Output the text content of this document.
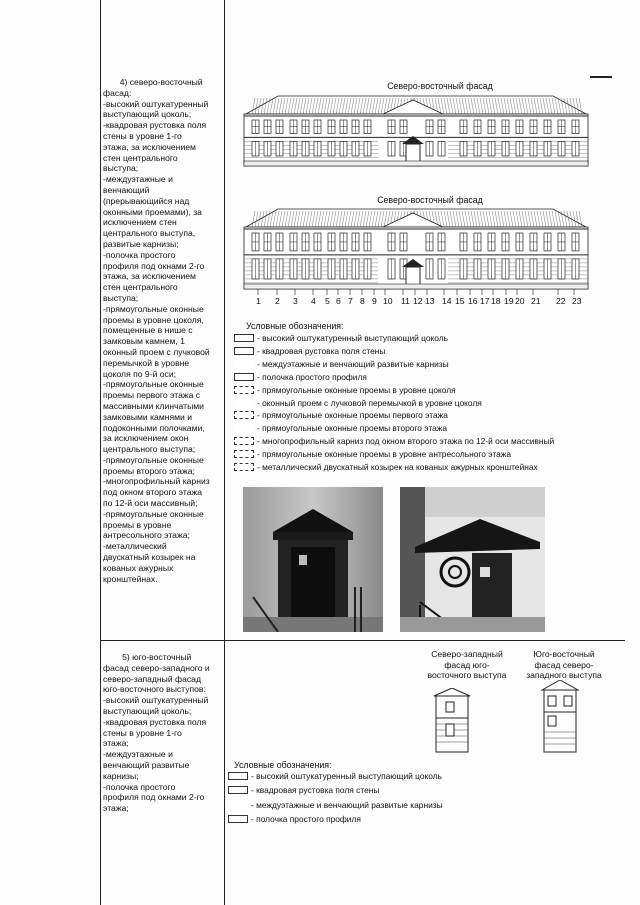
4) северо-восточный
фасад:
-высокий оштукатуренный
выступающий цоколь;
-квадровая рустовка поля
стены в уровне 1-го
этажа, за исключением
стен центрального
выступа;
-междуэтажные и
венчающий
(прерывающийся над
оконными проемами), за
исключением стен
центрального выступа,
развитые карнизы;
-полочка простого
профиля под окнами 2-го
этажа, за исключением
стен центрального
выступа;
-прямоугольные оконные
проемы в уровне цоколя,
помещенные в нише с
замковым камнем, 1
оконный проем с лучковой
перемычкой в уровне
цоколя по 9-й оси;
-прямоугольные оконные
проемы первого этажа с
массивными клинчатыми
замковыми камнями и
подоконными полочками,
за исключением окон
центрального выступа;
-прямоугольные оконные
проемы второго этажа;
-многопрофильный карниз
под окном второго этажа
по 12-й оси массивный;
-прямоугольные оконные
проемы в уровне
антресольного этажа;
-металлический
двускатный козырек на
кованых ажурных
кронштейнах.
Северо-восточный фасад
Северо-восточный фасад
1 2 3 4 5 6 7 8 9 10 11 12 13 14 15 16 17 18 19 20 21 22 23
Условные обозначения:
- высокий оштукатуренный выступающий цоколь
- квадровая рустовка поля стены
- междуэтажные и венчающий развитые карнизы
- полочка простого профиля
- прямоугольные оконные проемы в уровне цоколя
- оконный проем с лучковой перемычкой в уровне цоколя
- прямоугольные оконные проемы первого этажа
- прямоугольные оконные проемы второго этажа
- многопрофильный карниз под окном второго этажа по 12-й оси массивный
- прямоугольные оконные проемы в уровне антресольного этажа
- металлический двускатный козырек на кованых ажурных кронштейнах
5) юго-восточный
фасад северо-западного и
северо-западный фасад
юго-восточного выступов:
-высокий оштукатуренный
выступающий цоколь;
-квадровая рустовка поля
стены в уровне 1-го
этажа;
-междуэтажные и
венчающий развитые
карнизы;
-полочка простого
профиля под окнами 2-го
этажа;
Северо-западный
фасад юго-
восточного выступа
Юго-восточный
фасад северо-
западного выступа
Условные обозначения:
- высокий оштукатуренный выступающий цоколь
- квадровая рустовка поля стены
- междуэтажные и венчающий развитые карнизы
- полочка простого профиля
